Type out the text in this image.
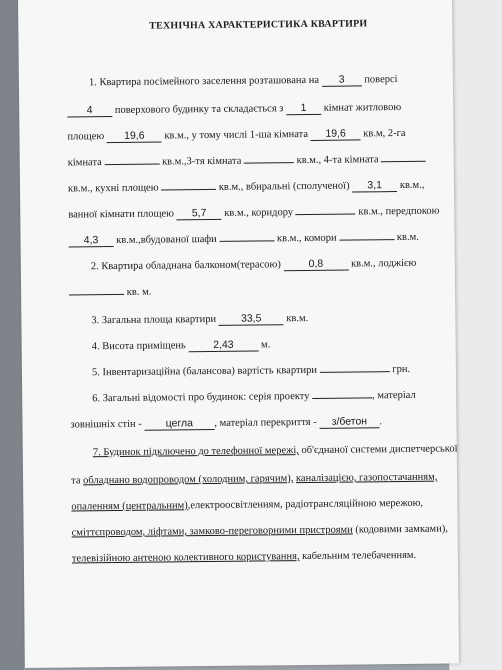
ТЕХНІЧНА ХАРАКТЕРИСТИКА КВАРТИРИ
1. Квартира посімейного заселення розташована на 3 поверсі
4 поверхового будинку та складається з 1 кімнат житловою
площею 19,6 кв.м., у тому числі 1-ша кімната 19,6 кв.м, 2-га
кімната	кв.м.,3-тя кімната	кв.м., 4-та кімната
кв.м., кухні площею	кв.м., вбиральні (сполученої) 3,1 кв.м.,
ванної кімнати площею 5,7 кв.м., коридору	кв.м., передпокою
4,3 кв.м.,вбудованої шафи	кв.м., комори	кв.м.
2. Квартира обладнана балконом(терасою)	0,8	кв.м., лоджією
кв. м.
3. Загальна площа квартири 33,5 кв.м.
4. Висота приміщень	2,43	м.
5. Інвентаризаційна (балансова) вартість квартири	грн.
6. Загальні відомості про будинок: серія проекту	, матеріал
зовнішніх стін - цегла , матеріал перекриття - з/бетон .
7. Будинок підключено до телефонної мережі, об'єднаної системи диспетчерської
та обладнано водопроводом (холодним, гарячим), каналізацією, газопостачанням,
опаленням (центральним),електроосвітленням, радіотрансляційною мережою,
сміттєпроводом, ліфтами, замково-переговорними пристроями (кодовими замками),
телевізійною антеною колективного користування, кабельним телебаченням.
